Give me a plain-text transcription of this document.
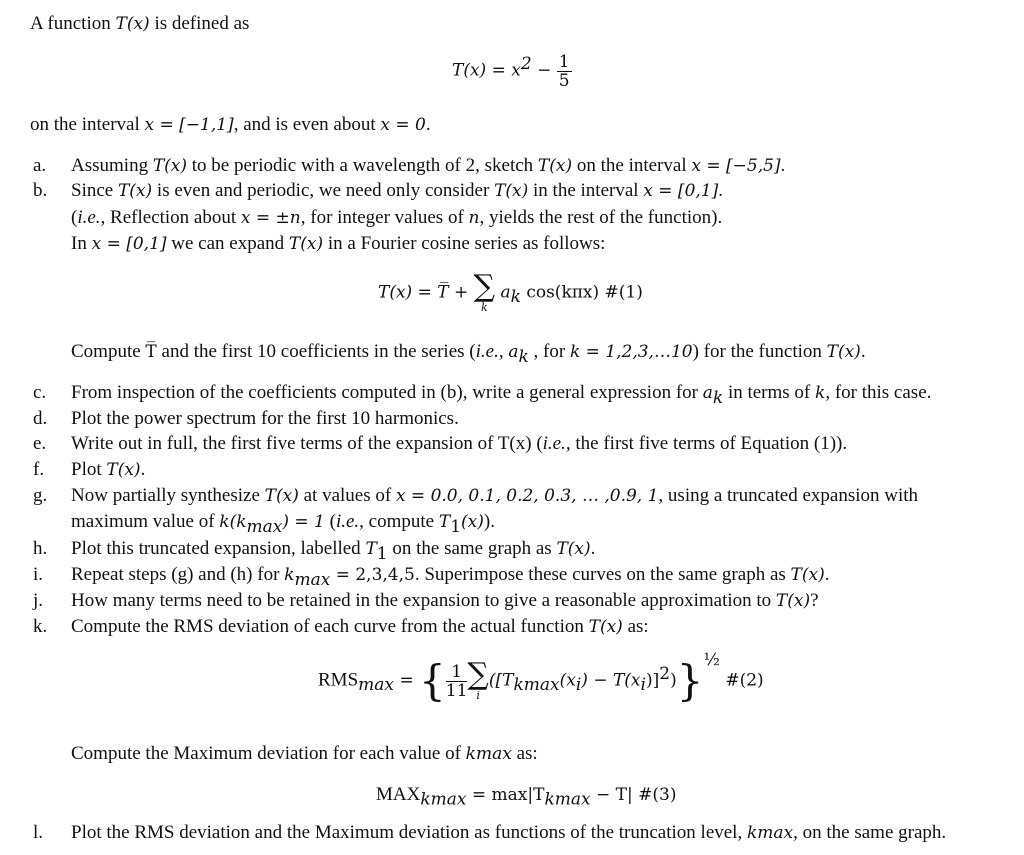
A function T(x) is defined as
$T(x) = x^2 - \frac{1}{5}$
on the interval x = [−1,1], and is even about x = 0.
a. Assuming T(x) to be periodic with a wavelength of 2, sketch T(x) on the interval x = [−5,5].
b. Since T(x) is even and periodic, we need only consider T(x) in the interval x = [0,1].
(i.e., Reflection about x = ±n, for integer values of n, yields the rest of the function).
In x = [0,1] we can expand T(x) in a Fourier cosine series as follows:
T(x) = T̅ + ∑
k
$a_k$ cos(kπx) #(1)
Compute T̅ and the first 10 coefficients in the series (i.e., $a_k$ , for k = 1,2,3,…10) for the function T(x).
c. From inspection of the coefficients computed in (b), write a general expression for $a_k$ in terms of k, for this case.
d. Plot the power spectrum for the first 10 harmonics.
e. Write out in full, the first five terms of the expansion of T(x) (i.e., the first five terms of Equation (1)).
f. Plot T(x).
g. Now partially synthesize T(x) at values of x = 0.0, 0.1, 0.2, 0.3, … ,0.9, 1, using a truncated expansion with
maximum value of $k(k_{max}) = 1$ (i.e., compute $T_1(x)$).
h. Plot this truncated expansion, labelled $T_1$ on the same graph as T(x).
i. Repeat steps (g) and (h) for $k_{max} = 2,3,4,5$. Superimpose these curves on the same graph as T(x).
j. How many terms need to be retained in the expansion to give a reasonable approximation to T(x)?
k. Compute the RMS deviation of each curve from the actual function T(x) as:
$RMS_{max}$ = { $\frac{1}{11}$ ∑
i
$([T_{kmax}(x_i) - T(x_i)]^2)\}^{\frac{1}{2}}$ #(2)
Compute the Maximum deviation for each value of kmax as:
$MAX_{kmax} = \max|T_{kmax} - T|$ #(3)
l. Plot the RMS deviation and the Maximum deviation as functions of the truncation level, kmax, on the same graph.
